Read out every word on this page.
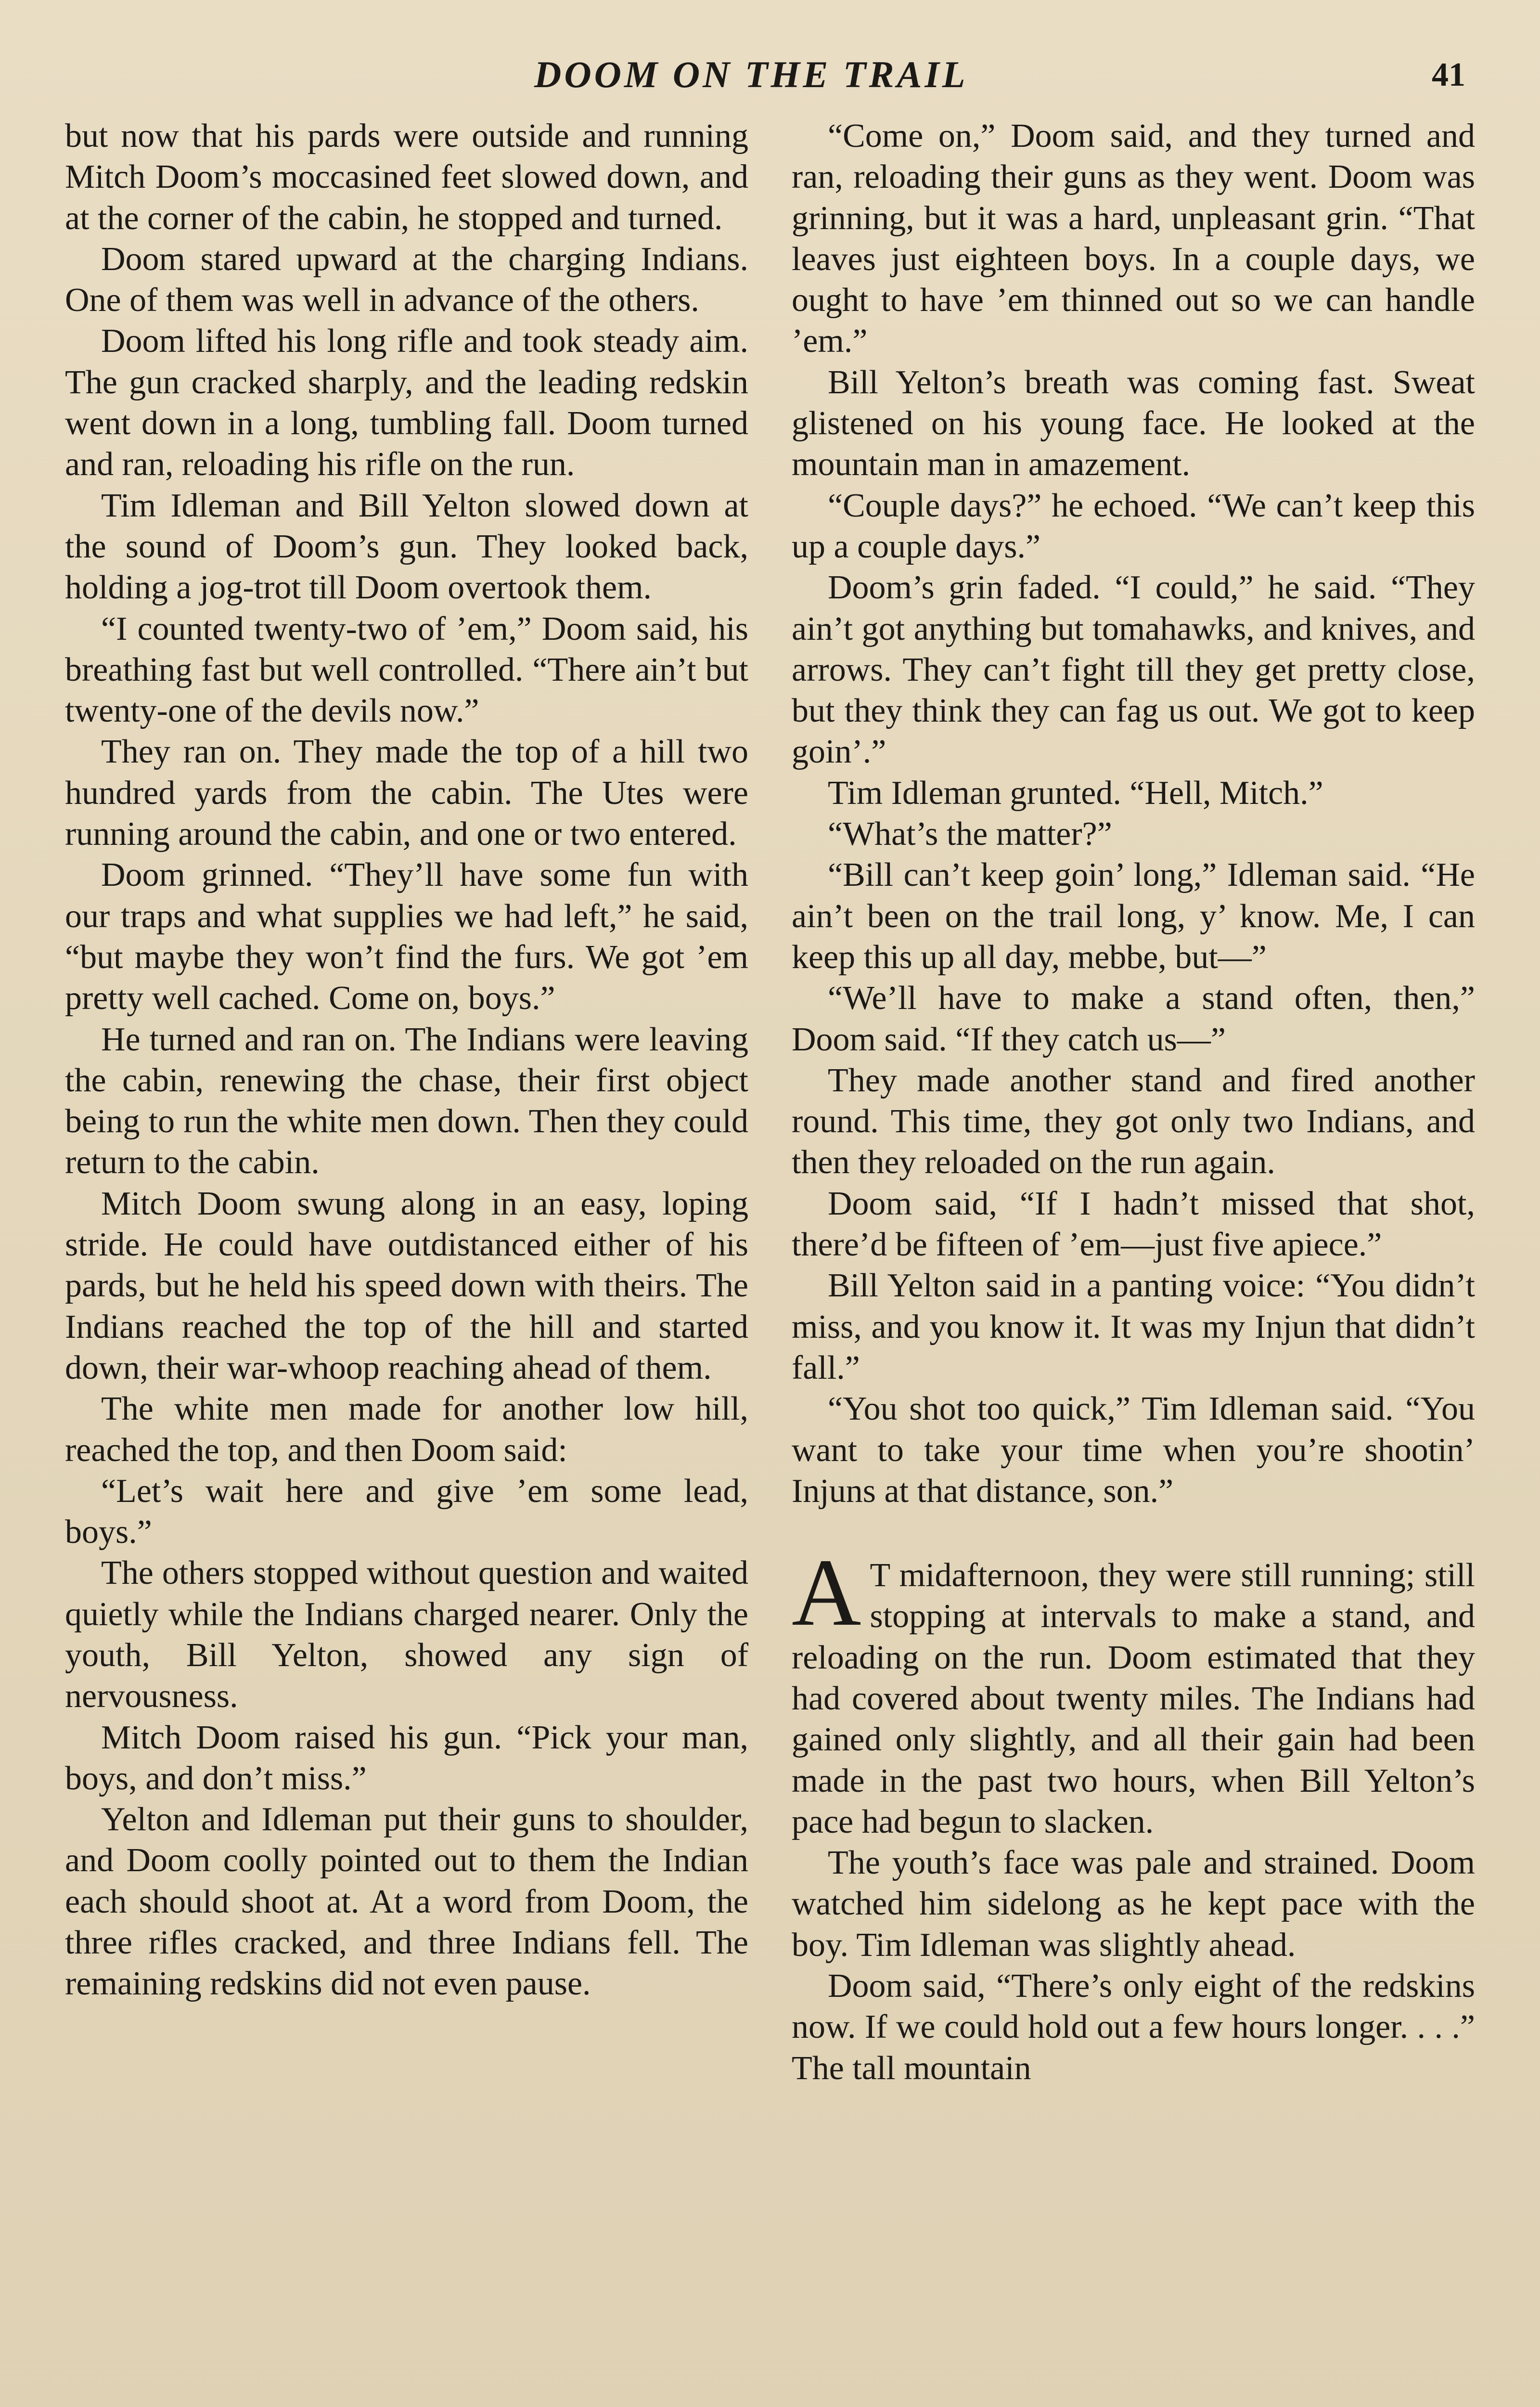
DOOM ON THE TRAIL	41

but now that his pards were outside and running Mitch Doom’s moccasined feet slowed down, and at the corner of the cabin, he stopped and turned.

Doom stared upward at the charging Indians. One of them was well in advance of the others.

Doom lifted his long rifle and took steady aim. The gun cracked sharply, and the leading redskin went down in a long, tumbling fall. Doom turned and ran, reloading his rifle on the run.

Tim Idleman and Bill Yelton slowed down at the sound of Doom’s gun. They looked back, holding a jog-trot till Doom overtook them.

“I counted twenty-two of ’em,” Doom said, his breathing fast but well controlled. “There ain’t but twenty-one of the devils now.”

They ran on. They made the top of a hill two hundred yards from the cabin. The Utes were running around the cabin, and one or two entered.

Doom grinned. “They’ll have some fun with our traps and what supplies we had left,” he said, “but maybe they won’t find the furs. We got ’em pretty well cached. Come on, boys.”

He turned and ran on. The Indians were leaving the cabin, renewing the chase, their first object being to run the white men down. Then they could return to the cabin.

Mitch Doom swung along in an easy, loping stride. He could have outdistanced either of his pards, but he held his speed down with theirs. The Indians reached the top of the hill and started down, their war-whoop reaching ahead of them.

The white men made for another low hill, reached the top, and then Doom said:

“Let’s wait here and give ’em some lead, boys.”

The others stopped without question and waited quietly while the Indians charged nearer. Only the youth, Bill Yelton, showed any sign of nervousness.

Mitch Doom raised his gun. “Pick your man, boys, and don’t miss.”

Yelton and Idleman put their guns to shoulder, and Doom coolly pointed out to them the Indian each should shoot at. At a word from Doom, the three rifles cracked, and three Indians fell. The remaining redskins did not even pause.

“Come on,” Doom said, and they turned and ran, reloading their guns as they went. Doom was grinning, but it was a hard, unpleasant grin. “That leaves just eighteen boys. In a couple days, we ought to have ’em thinned out so we can handle ’em.”

Bill Yelton’s breath was coming fast. Sweat glistened on his young face. He looked at the mountain man in amazement.

“Couple days?” he echoed. “We can’t keep this up a couple days.”

Doom’s grin faded. “I could,” he said. “They ain’t got anything but tomahawks, and knives, and arrows. They can’t fight till they get pretty close, but they think they can fag us out. We got to keep goin’.”

Tim Idleman grunted. “Hell, Mitch.”

“What’s the matter?”

“Bill can’t keep goin’ long,” Idleman said. “He ain’t been on the trail long, y’ know. Me, I can keep this up all day, mebbe, but—”

“We’ll have to make a stand often, then,” Doom said. “If they catch us—”

They made another stand and fired another round. This time, they got only two Indians, and then they reloaded on the run again.

Doom said, “If I hadn’t missed that shot, there’d be fifteen of ’em—just five apiece.”

Bill Yelton said in a panting voice: “You didn’t miss, and you know it. It was my Injun that didn’t fall.”

“You shot too quick,” Tim Idleman said. “You want to take your time when you’re shootin’ Injuns at that distance, son.”

A T midafternoon, they were still running; still stopping at intervals to make a stand, and reloading on the run. Doom estimated that they had covered about twenty miles. The Indians had gained only slightly, and all their gain had been made in the past two hours, when Bill Yelton’s pace had begun to slacken.

The youth’s face was pale and strained. Doom watched him sidelong as he kept pace with the boy. Tim Idleman was slightly ahead.

Doom said, “There’s only eight of the redskins now. If we could hold out a few hours longer. . . .” The tall mountain
